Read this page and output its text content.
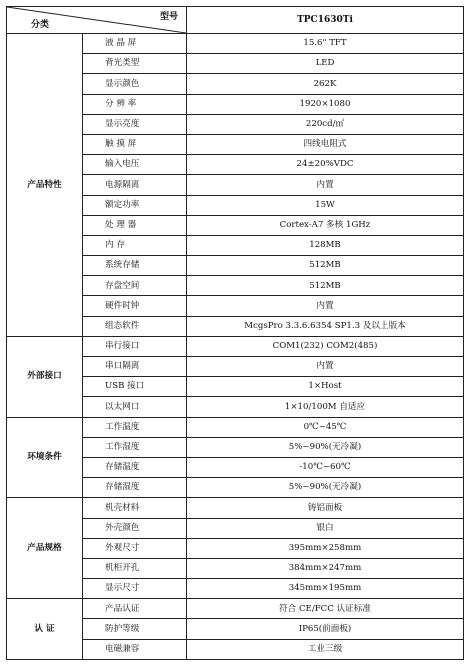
型号
分类		TPC1630Ti
产品特性	液 晶 屏	15.6" TFT
	背光类型	LED
	显示颜色	262K
	分 辨 率	1920×1080
	显示亮度	220cd/㎡
	触 摸 屏	四线电阻式
	输入电压	24±20%VDC
	电源隔离	内置
	额定功率	15W
	处 理 器	Cortex-A7 多核 1GHz
	内 存	128MB
	系统存储	512MB
	存盘空间	512MB
	硬件时钟	内置
	组态软件	McgsPro 3.3.6.6354 SP1.3 及以上版本
外部接口	串行接口	COM1(232) COM2(485)
	串口隔离	内置
	USB 接口	1×Host
	以太网口	1×10/100M 自适应
环境条件	工作温度	0℃~45℃
	工作湿度	5%~90%(无冷凝)
	存储温度	-10℃~60℃
	存储湿度	5%~90%(无冷凝)
产品规格	机壳材料	铸铝面板
	外壳颜色	银白
	外观尺寸	395mm×258mm
	机柜开孔	384mm×247mm
	显示尺寸	345mm×195mm
认 证	产品认证	符合 CE/FCC 认证标准
	防护等级	IP65(前面板)
	电磁兼容	工业三级
